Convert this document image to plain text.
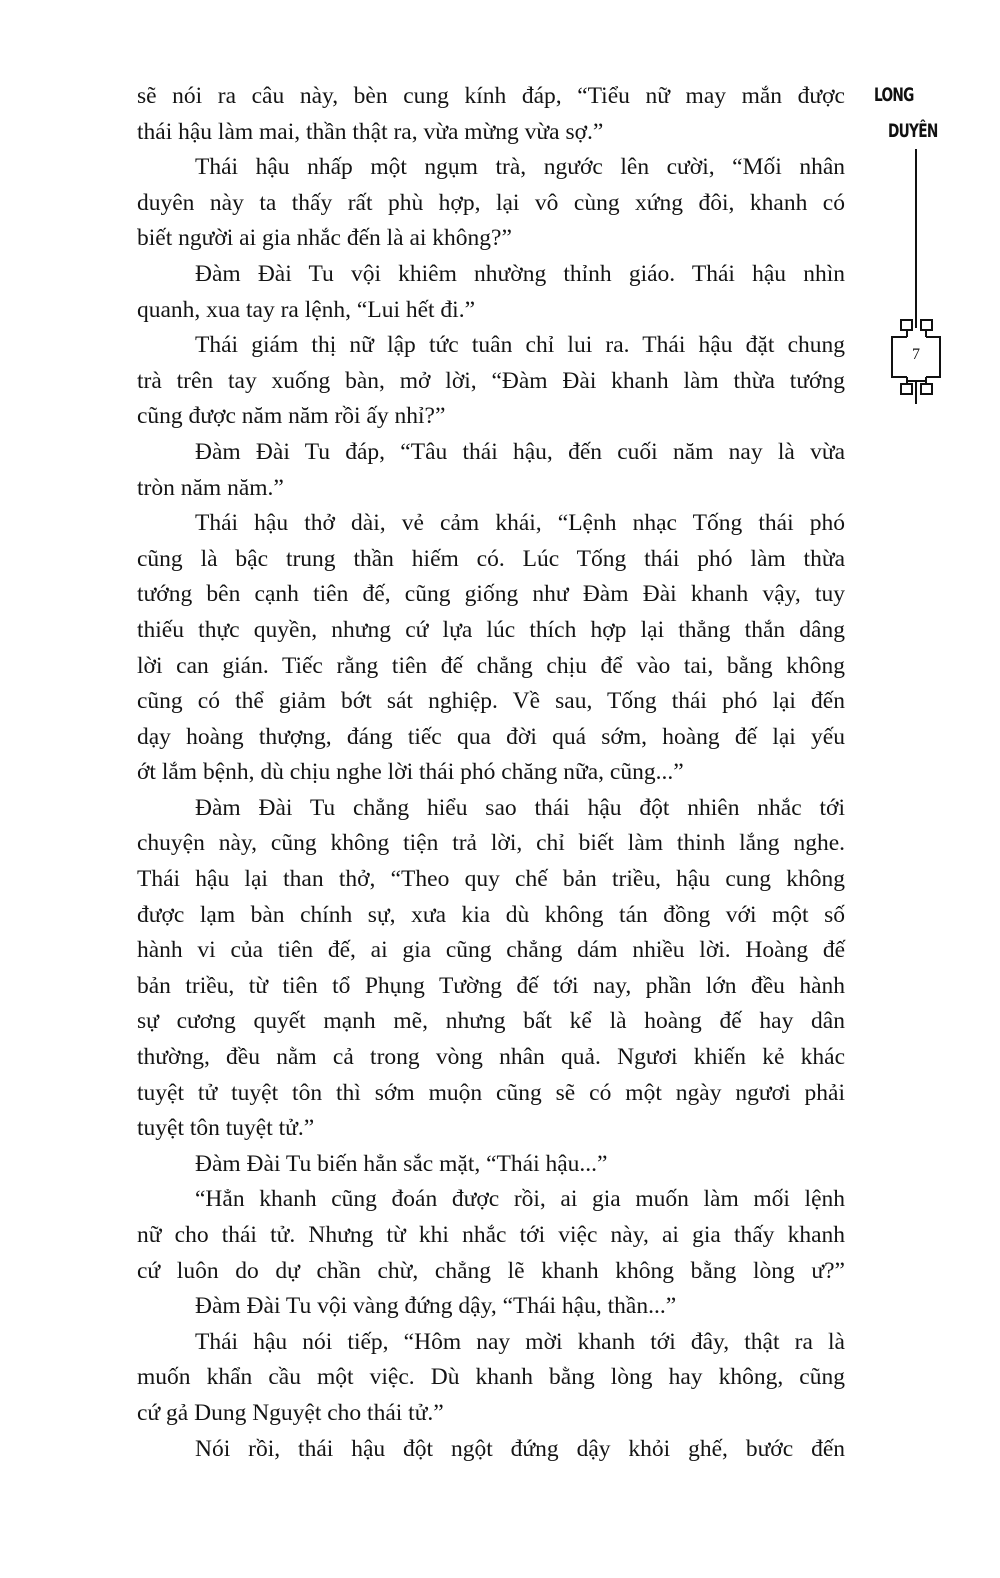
sẽ nói ra câu này, bèn cung kính đáp, “Tiểu nữ may mắn được
thái hậu làm mai, thần thật ra, vừa mừng vừa sợ.”
Thái hậu nhấp một ngụm trà, ngước lên cười, “Mối nhân
duyên này ta thấy rất phù hợp, lại vô cùng xứng đôi, khanh có
biết người ai gia nhắc đến là ai không?”
Đàm Đài Tu vội khiêm nhường thỉnh giáo. Thái hậu nhìn
quanh, xua tay ra lệnh, “Lui hết đi.”
Thái giám thị nữ lập tức tuân chỉ lui ra. Thái hậu đặt chung
trà trên tay xuống bàn, mở lời, “Đàm Đài khanh làm thừa tướng
cũng được năm năm rồi ấy nhỉ?”
Đàm Đài Tu đáp, “Tâu thái hậu, đến cuối năm nay là vừa
tròn năm năm.”
Thái hậu thở dài, vẻ cảm khái, “Lệnh nhạc Tống thái phó
cũng là bậc trung thần hiếm có. Lúc Tống thái phó làm thừa
tướng bên cạnh tiên đế, cũng giống như Đàm Đài khanh vậy, tuy
thiếu thực quyền, nhưng cứ lựa lúc thích hợp lại thẳng thắn dâng
lời can gián. Tiếc rằng tiên đế chẳng chịu để vào tai, bằng không
cũng có thể giảm bớt sát nghiệp. Về sau, Tống thái phó lại đến
dạy hoàng thượng, đáng tiếc qua đời quá sớm, hoàng đế lại yếu
ớt lắm bệnh, dù chịu nghe lời thái phó chăng nữa, cũng...”
Đàm Đài Tu chẳng hiểu sao thái hậu đột nhiên nhắc tới
chuyện này, cũng không tiện trả lời, chỉ biết làm thinh lắng nghe.
Thái hậu lại than thở, “Theo quy chế bản triều, hậu cung không
được lạm bàn chính sự, xưa kia dù không tán đồng với một số
hành vi của tiên đế, ai gia cũng chẳng dám nhiều lời. Hoàng đế
bản triều, từ tiên tổ Phụng Tường đế tới nay, phần lớn đều hành
sự cương quyết mạnh mẽ, nhưng bất kể là hoàng đế hay dân
thường, đều nằm cả trong vòng nhân quả. Ngươi khiến kẻ khác
tuyệt tử tuyệt tôn thì sớm muộn cũng sẽ có một ngày ngươi phải
tuyệt tôn tuyệt tử.”
Đàm Đài Tu biến hẳn sắc mặt, “Thái hậu...”
“Hẳn khanh cũng đoán được rồi, ai gia muốn làm mối lệnh
nữ cho thái tử. Nhưng từ khi nhắc tới việc này, ai gia thấy khanh
cứ luôn do dự chần chừ, chẳng lẽ khanh không bằng lòng ư?”
Đàm Đài Tu vội vàng đứng dậy, “Thái hậu, thần...”
Thái hậu nói tiếp, “Hôm nay mời khanh tới đây, thật ra là
muốn khẩn cầu một việc. Dù khanh bằng lòng hay không, cũng
cứ gả Dung Nguyệt cho thái tử.”
Nói rồi, thái hậu đột ngột đứng dậy khỏi ghế, bước đến
LONG
DUYÊN
7
